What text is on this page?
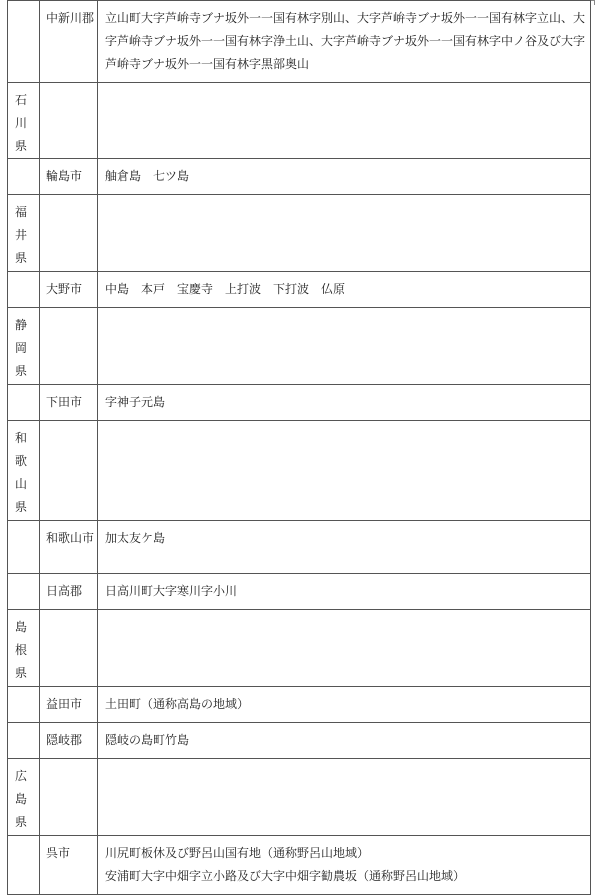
	中新川郡	立山町大字芦峅寺ブナ坂外一一国有林字別山、大字芦峅寺ブナ坂外一一国有林字立山、大字芦峅寺ブナ坂外一一国有林字浄土山、大字芦峅寺ブナ坂外一一国有林字中ノ谷及び大字芦峅寺ブナ坂外一一国有林字黒部奥山

石川県		

	輪島市	舳倉島　七ツ島

福井県		

	大野市	中島　本戸　宝慶寺　上打波　下打波　仏原

静岡県		

	下田市	字神子元島

和歌山県		

	和歌山市	加太友ケ島

	日高郡	日高川町大字寒川字小川

島根県		

	益田市	土田町（通称高島の地域）

	隠岐郡	隠岐の島町竹島

広島県		

	呉市	川尻町板休及び野呂山国有地（通称野呂山地域）
安浦町大字中畑字立小路及び大字中畑字勧農坂（通称野呂山地域）
